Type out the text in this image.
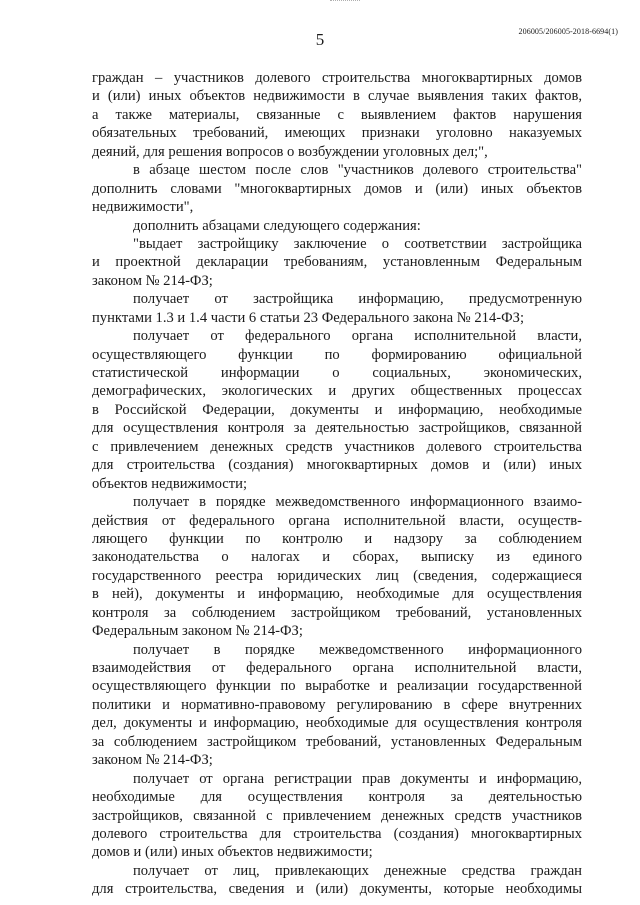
206005/206005-2018-6694(1)
5
граждан – участников долевого строительства многоквартирных домов
и (или) иных объектов недвижимости в случае выявления таких фактов,
а также материалы, связанные с выявлением фактов нарушения
обязательных требований, имеющих признаки уголовно наказуемых
деяний, для решения вопросов о возбуждении уголовных дел;",
в абзаце шестом после слов "участников долевого строительства"
дополнить словами "многоквартирных домов и (или) иных объектов
недвижимости",
дополнить абзацами следующего содержания:
"выдает застройщику заключение о соответствии застройщика
и проектной декларации требованиям, установленным Федеральным
законом № 214-ФЗ;
получает от застройщика информацию, предусмотренную
пунктами 1.3 и 1.4 части 6 статьи 23 Федерального закона № 214-ФЗ;
получает от федерального органа исполнительной власти,
осуществляющего функции по формированию официальной
статистической информации о социальных, экономических,
демографических, экологических и других общественных процессах
в Российской Федерации, документы и информацию, необходимые
для осуществления контроля за деятельностью застройщиков, связанной
с привлечением денежных средств участников долевого строительства
для строительства (создания) многоквартирных домов и (или) иных
объектов недвижимости;
получает в порядке межведомственного информационного взаимо-
действия от федерального органа исполнительной власти, осуществ-
ляющего функции по контролю и надзору за соблюдением
законодательства о налогах и сборах, выписку из единого
государственного реестра юридических лиц (сведения, содержащиеся
в ней), документы и информацию, необходимые для осуществления
контроля за соблюдением застройщиком требований, установленных
Федеральным законом № 214-ФЗ;
получает в порядке межведомственного информационного
взаимодействия от федерального органа исполнительной власти,
осуществляющего функции по выработке и реализации государственной
политики и нормативно-правовому регулированию в сфере внутренних
дел, документы и информацию, необходимые для осуществления контроля
за соблюдением застройщиком требований, установленных Федеральным
законом № 214-ФЗ;
получает от органа регистрации прав документы и информацию,
необходимые для осуществления контроля за деятельностью
застройщиков, связанной с привлечением денежных средств участников
долевого строительства для строительства (создания) многоквартирных
домов и (или) иных объектов недвижимости;
получает от лиц, привлекающих денежные средства граждан
для строительства, сведения и (или) документы, которые необходимы
